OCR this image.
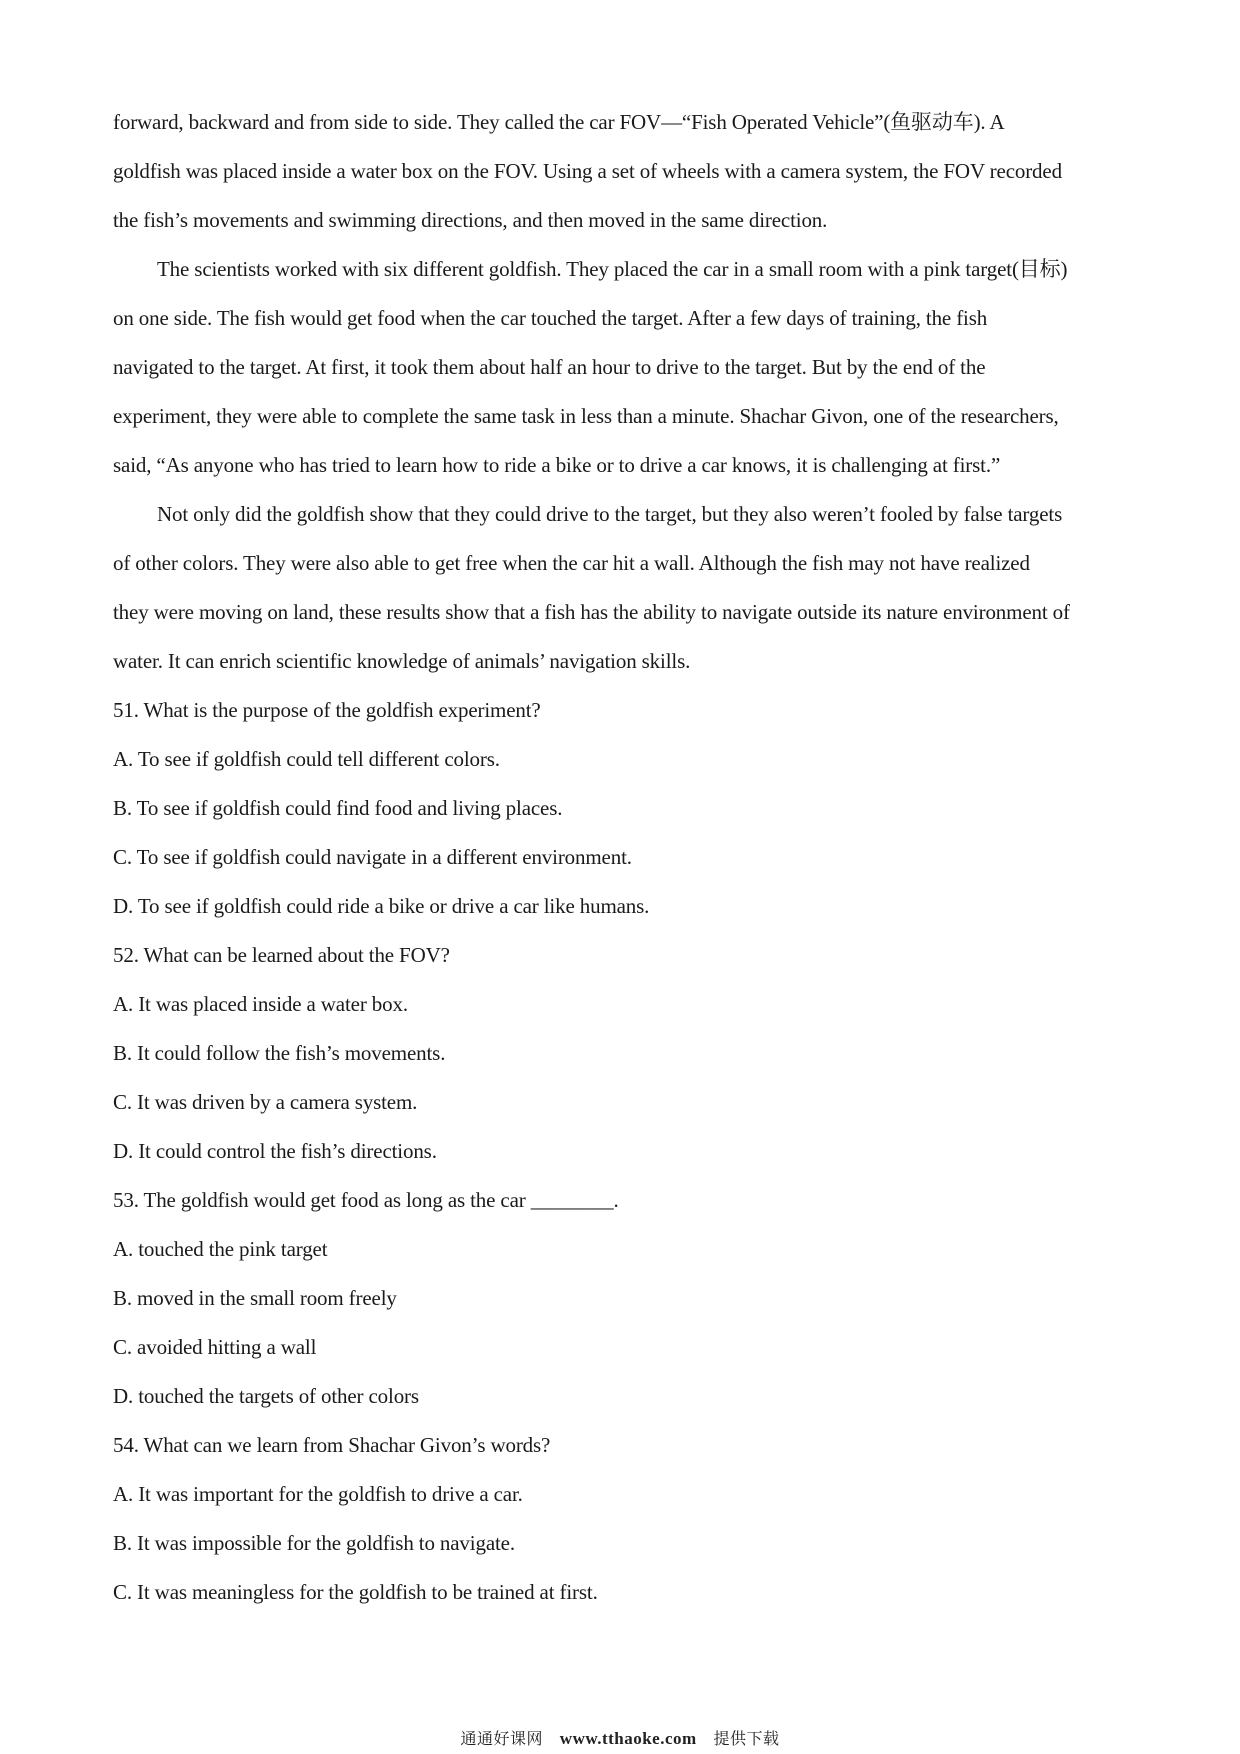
forward, backward and from side to side. They called the car FOV—“Fish Operated Vehicle”(鱼驱动车). A
goldfish was placed inside a water box on the FOV. Using a set of wheels with a camera system, the FOV recorded
the fish’s movements and swimming directions, and then moved in the same direction.
The scientists worked with six different goldfish. They placed the car in a small room with a pink target(目标)
on one side. The fish would get food when the car touched the target. After a few days of training, the fish
navigated to the target. At first, it took them about half an hour to drive to the target. But by the end of the
experiment, they were able to complete the same task in less than a minute. Shachar Givon, one of the researchers,
said, “As anyone who has tried to learn how to ride a bike or to drive a car knows, it is challenging at first.”
Not only did the goldfish show that they could drive to the target, but they also weren’t fooled by false targets
of other colors. They were also able to get free when the car hit a wall. Although the fish may not have realized
they were moving on land, these results show that a fish has the ability to navigate outside its nature environment of
water. It can enrich scientific knowledge of animals’ navigation skills.
51. What is the purpose of the goldfish experiment?
A. To see if goldfish could tell different colors.
B. To see if goldfish could find food and living places.
C. To see if goldfish could navigate in a different environment.
D. To see if goldfish could ride a bike or drive a car like humans.
52. What can be learned about the FOV?
A. It was placed inside a water box.
B. It could follow the fish’s movements.
C. It was driven by a camera system.
D. It could control the fish’s directions.
53. The goldfish would get food as long as the car ________.
A. touched the pink target
B. moved in the small room freely
C. avoided hitting a wall
D. touched the targets of other colors
54. What can we learn from Shachar Givon’s words?
A. It was important for the goldfish to drive a car.
B. It was impossible for the goldfish to navigate.
C. It was meaningless for the goldfish to be trained at first.
通通好课网 www.tthaoke.com 提供下载
